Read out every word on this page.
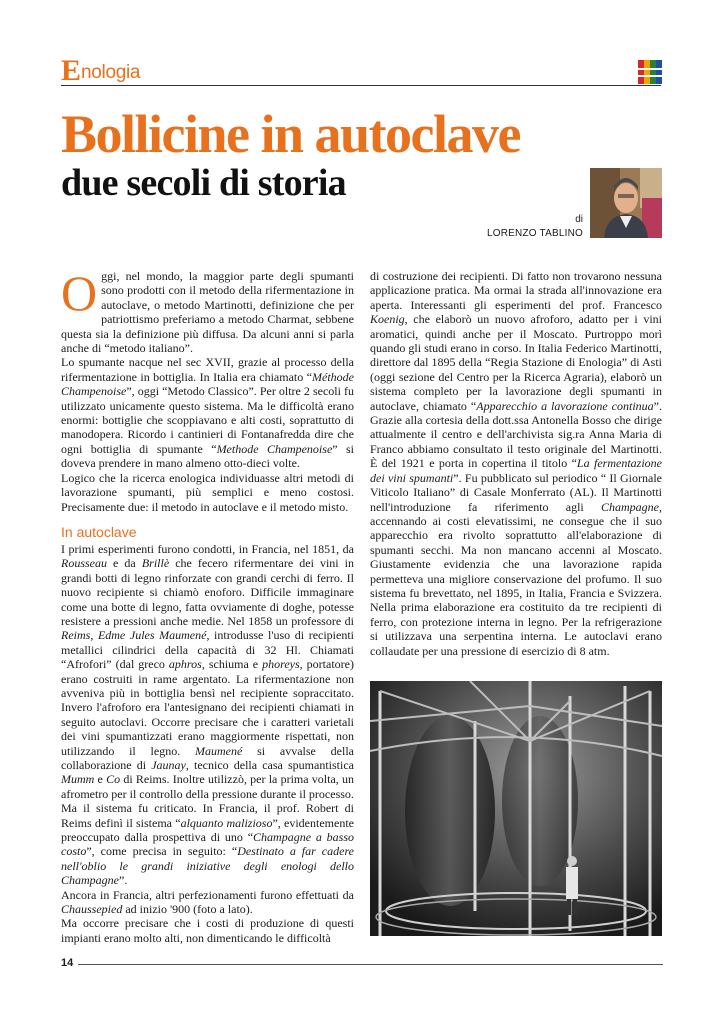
E nologia
Bollicine in autoclave
due secoli di storia
di
LORENZO TABLINO

Oggi, nel mondo, la maggior parte degli spumanti sono prodotti con il metodo della rifermentazione in autoclave, o metodo Martinotti, definizione che per patriottismo preferiamo a metodo Charmat, sebbene questa sia la definizione più diffusa. Da alcuni anni si parla anche di “metodo italiano”.

Lo spumante nacque nel sec XVII, grazie al processo della rifermentazione in bottiglia. In Italia era chiamato “Méthode Champenoise”, oggi “Metodo Classico”. Per oltre 2 secoli fu utilizzato unicamente questo sistema. Ma le difficoltà erano enormi: bottiglie che scoppiavano e alti costi, soprattutto di manodopera. Ricordo i cantinieri di Fontanafredda dire che ogni bottiglia di spumante “Methode Champenoise” si doveva prendere in mano almeno otto-dieci volte.

Logico che la ricerca enologica individuasse altri metodi di lavorazione spumanti, più semplici e meno costosi. Precisamente due: il metodo in autoclave e il metodo misto.

In autoclave

I primi esperimenti furono condotti, in Francia, nel 1851, da Rousseau e da Brillè che fecero rifermentare dei vini in grandi botti di legno rinforzate con grandi cerchi di ferro. Il nuovo recipiente si chiamò enoforo. Difficile immaginare come una botte di legno, fatta ovviamente di doghe, potesse resistere a pressioni anche medie. Nel 1858 un professore di Reims, Edme Jules Maumené, introdusse l'uso di recipienti metallici cilindrici della capacità di 32 Hl. Chiamati “Afrofori” (dal greco aphros, schiuma e phoreys, portatore) erano costruiti in rame argentato. La rifermentazione non avveniva più in bottiglia bensì nel recipiente sopraccitato. Invero l'afroforo era l'antesignano dei recipienti chiamati in seguito autoclavi. Occorre precisare che i caratteri varietali dei vini spumantizzati erano maggiormente rispettati, non utilizzando il legno. Maumené si avvalse della collaborazione di Jaunay, tecnico della casa spumantistica Mumm e Co di Reims. Inoltre utilizzò, per la prima volta, un afrometro per il controllo della pressione durante il processo.

Ma il sistema fu criticato. In Francia, il prof. Robert di Reims definì il sistema “alquanto malizioso”, evidentemente preoccupato dalla prospettiva di uno “Champagne a basso costo”, come precisa in seguito: “Destinato a far cadere nell'oblio le grandi iniziative degli enologi dello Champagne”.

Ancora in Francia, altri perfezionamenti furono effettuati da Chaussepied ad inizio '900 (foto a lato).

Ma occorre precisare che i costi di produzione di questi impianti erano molto alti, non dimenticando le difficoltà

di costruzione dei recipienti. Di fatto non trovarono nessuna applicazione pratica. Ma ormai la strada all'innovazione era aperta. Interessanti gli esperimenti del prof. Francesco Koenig, che elaborò un nuovo afroforo, adatto per i vini aromatici, quindi anche per il Moscato. Purtroppo morì quando gli studi erano in corso. In Italia Federico Martinotti, direttore dal 1895 della “Regia Stazione di Enologia” di Asti (oggi sezione del Centro per la Ricerca Agraria), elaborò un sistema completo per la lavorazione degli spumanti in autoclave, chiamato “Apparecchio a lavorazione continua”. Grazie alla cortesia della dott.ssa Antonella Bosso che dirige attualmente il centro e dell'archivista sig.ra Anna Maria di Franco abbiamo consultato il testo originale del Martinotti. È del 1921 e porta in copertina il titolo “La fermentazione dei vini spumanti”. Fu pubblicato sul periodico “ Il Giornale Viticolo Italiano” di Casale Monferrato (AL). Il Martinotti nell'introduzione fa riferimento agli Champagne, accennando ai costi elevatissimi, ne consegue che il suo apparecchio era rivolto soprattutto all'elaborazione di spumanti secchi. Ma non mancano accenni al Moscato. Giustamente evidenzia che una lavorazione rapida permetteva una migliore conservazione del profumo. Il suo sistema fu brevettato, nel 1895, in Italia, Francia e Svizzera. Nella prima elaborazione era costituito da tre recipienti di ferro, con protezione interna in legno. Per la refrigerazione si utilizzava una serpentina interna. Le autoclavi erano collaudate per una pressione di esercizio di 8 atm.

14
